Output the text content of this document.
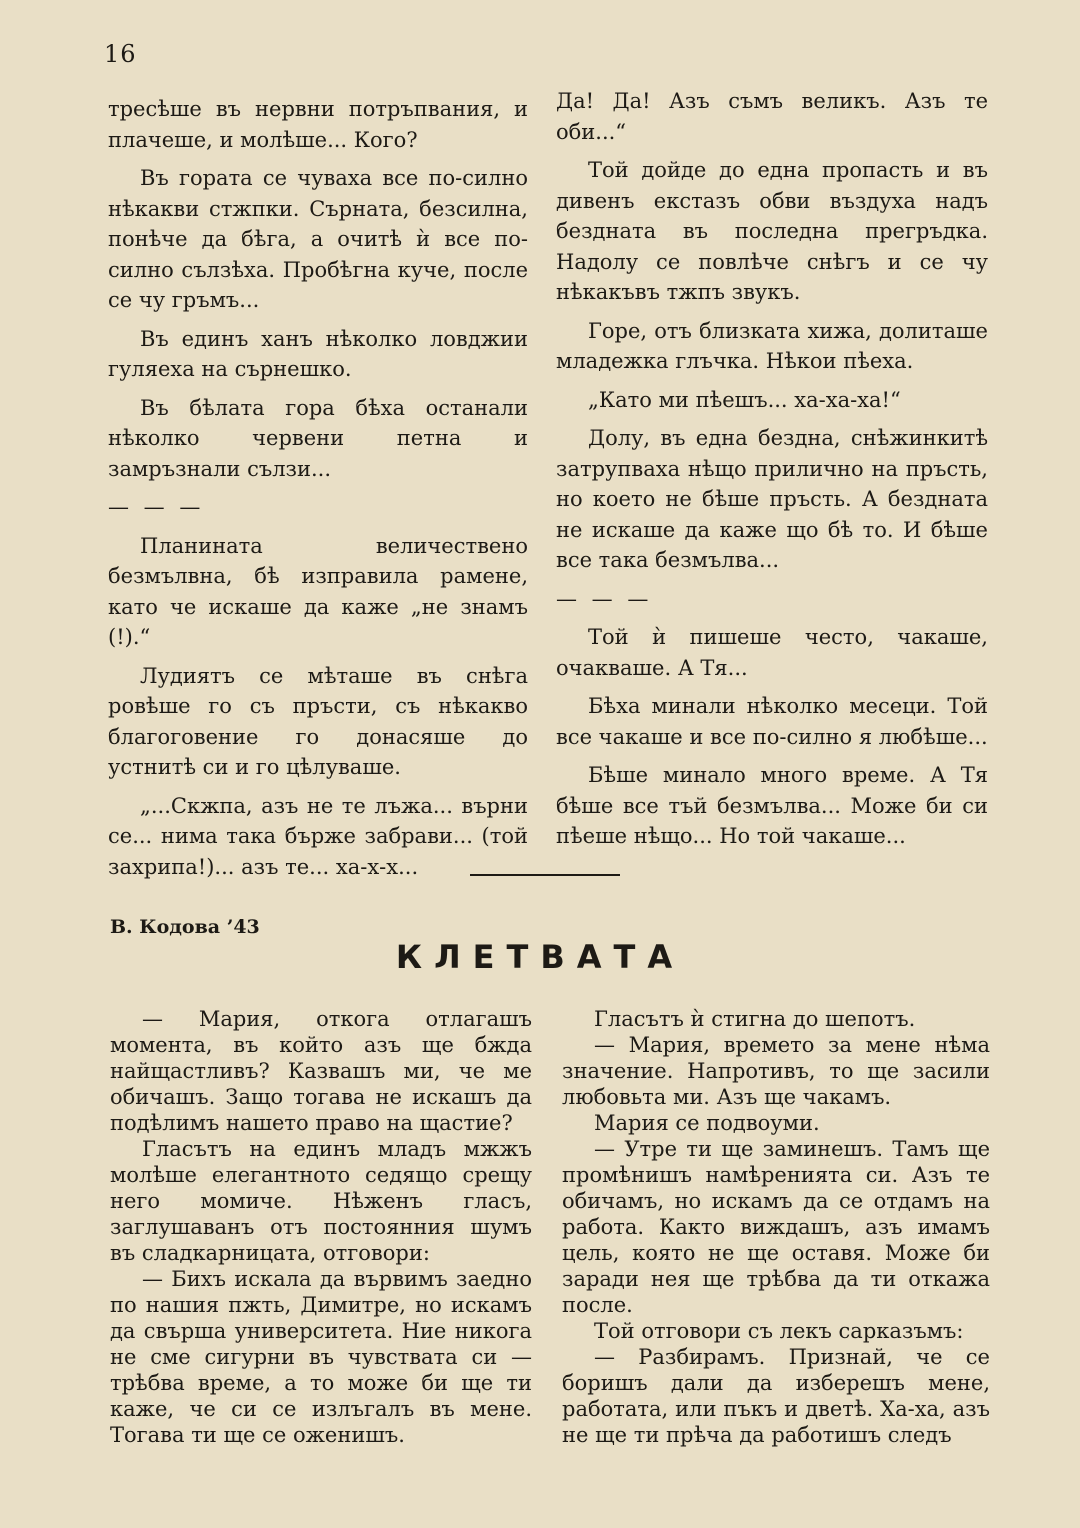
16

тресѣше въ нервни потръпвания, и плачеше, и молѣше... Кого?

Въ гората се чуваха все по-силно нѣкакви стжпки. Сърната, безсилна, понѣче да бѣга, а очитѣ ѝ все по-силно сълзѣха. Пробѣгна куче, после се чу гръмъ...

Въ единъ ханъ нѣколко ловджии гуляеха на сърнешко.

Въ бѣлата гора бѣха останали нѣколко червени петна и замръзнали сълзи...

— — —

Планината величествено безмълвна, бѣ изправила рамене, като че искаше да каже „не знамъ (!).“

Лудиятъ се мѣташе въ снѣга ровѣше го съ пръсти, съ нѣкакво благоговение го донасяше до устнитѣ си и го цѣлуваше.

„...Скжпа, азъ не те лъжа... върни се... нима така бърже забрави... (той захрипа!)... азъ те... ха-х-х...

Да! Да! Азъ съмъ великъ. Азъ те оби...“

Той дойде до една пропасть и въ дивенъ екстазъ обви въздуха надъ бездната въ последна прегръдка. Надолу се повлѣче снѣгъ и се чу нѣкакъвъ тжпъ звукъ.

Горе, отъ близката хижа, долиташе младежка глъчка. Нѣкои пѣеха.

„Като ми пѣешъ... ха-ха-ха!“

Долу, въ една бездна, снѣжинкитѣ затрупваха нѣщо прилично на пръсть, но което не бѣше пръсть. А бездната не искаше да каже що бѣ то. И бѣше все така безмълва...

— — —

Той ѝ пишеше често, чакаше, очакваше. А Тя...

Бѣха минали нѣколко месеци. Той все чакаше и все по-силно я любѣше...

Бѣше минало много време. А Тя бѣше все тъй безмълва... Може би си пѣеше нѣщо... Но той чакаше...

В. Кодова ’43
КЛЕТВАТА

— Мария, откога отлагашъ момента, въ който азъ ще бжда найщастливъ? Казвашъ ми, че ме обичашъ. Защо тогава не искашъ да подѣлимъ нашето право на щастие?

Гласътъ на единъ младъ мжжъ молѣше елегантното седящо срещу него момиче. Нѣженъ гласъ, заглушаванъ отъ постоянния шумъ въ сладкарницата, отговори:

— Бихъ искала да вървимъ заедно по нашия пжть, Димитре, но искамъ да свърша университета. Ние никога не сме сигурни въ чувствата си — трѣбва време, а то може би ще ти каже, че си се излъгалъ въ мене. Тогава ти ще се оженишъ.

Гласътъ ѝ стигна до шепотъ.

— Мария, времето за мене нѣма значение. Напротивъ, то ще засили любовьта ми. Азъ ще чакамъ.

Мария се подвоуми.

— Утре ти ще заминешъ. Тамъ ще промѣнишъ намѣренията си. Азъ те обичамъ, но искамъ да се отдамъ на работа. Както виждашъ, азъ имамъ цель, която не ще оставя. Може би заради нея ще трѣбва да ти откажа после.

Той отговори съ лекъ сарказъмъ:

— Разбирамъ. Признай, че се боришъ дали да изберешъ мене, работата, или пъкъ и дветѣ. Ха-ха, азъ не ще ти прѣча да работишъ следъ
